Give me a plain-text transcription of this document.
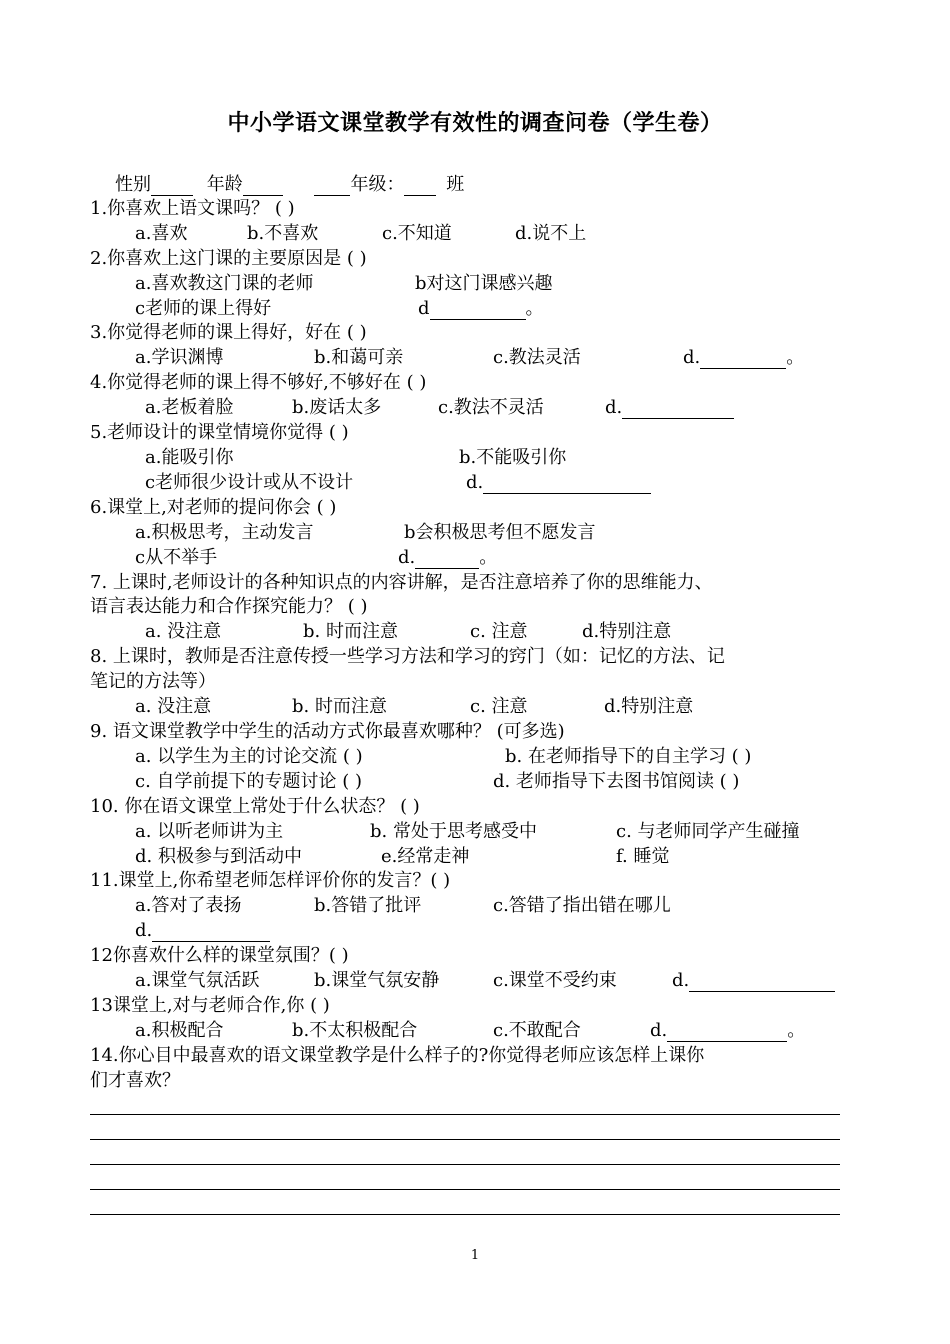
中小学语文课堂教学有效性的调查问卷（学生卷）
性别	年龄	年级： 班
1.你喜欢上语文课吗？ ( )
a.喜欢	b.不喜欢	c.不知道	d.说不上
2.你喜欢上这门课的主要原因是 ( )
a.喜欢教这门课的老师	b对这门课感兴趣
c老师的课上得好	d	。
3.你觉得老师的课上得好，好在 ( )
a.学识渊博	b.和蔼可亲	c.教法灵活	d.	。
4.你觉得老师的课上得不够好,不够好在 ( )
a.老板着脸	b.废话太多	c.教法不灵活	d.
5.老师设计的课堂情境你觉得 ( )
a.能吸引你	b.不能吸引你
c老师很少设计或从不设计	d.
6.课堂上,对老师的提问你会 ( )
a.积极思考，主动发言	b会积极思考但不愿发言
c从不举手	d.	。
7. 上课时,老师设计的各种知识点的内容讲解，是否注意培养了你的思维能力、
语言表达能力和合作探究能力？ ( )
a. 没注意	b. 时而注意	c. 注意	d.特别注意
8. 上课时，教师是否注意传授一些学习方法和学习的窍门（如：记忆的方法、记
笔记的方法等）
a. 没注意	b. 时而注意	c. 注意	d.特别注意
9. 语文课堂教学中学生的活动方式你最喜欢哪种？ (可多选)
a. 以学生为主的讨论交流 ( )	b. 在老师指导下的自主学习 ( )
c. 自学前提下的专题讨论 ( )	d. 老师指导下去图书馆阅读 ( )
10. 你在语文课堂上常处于什么状态？ ( )
a. 以听老师讲为主	b. 常处于思考感受中	c. 与老师同学产生碰撞
d. 积极参与到活动中	e.经常走神	f. 睡觉
11.课堂上,你希望老师怎样评价你的发言？( )
a.答对了表扬	b.答错了批评	c.答错了指出错在哪儿
d.
12你喜欢什么样的课堂氛围？( )
a.课堂气氛活跃	b.课堂气氛安静	c.课堂不受约束	d.
13课堂上,对与老师合作,你 ( )
a.积极配合	b.不太积极配合	c.不敢配合	d.	。
14.你心目中最喜欢的语文课堂教学是什么样子的?你觉得老师应该怎样上课你
们才喜欢？
1
